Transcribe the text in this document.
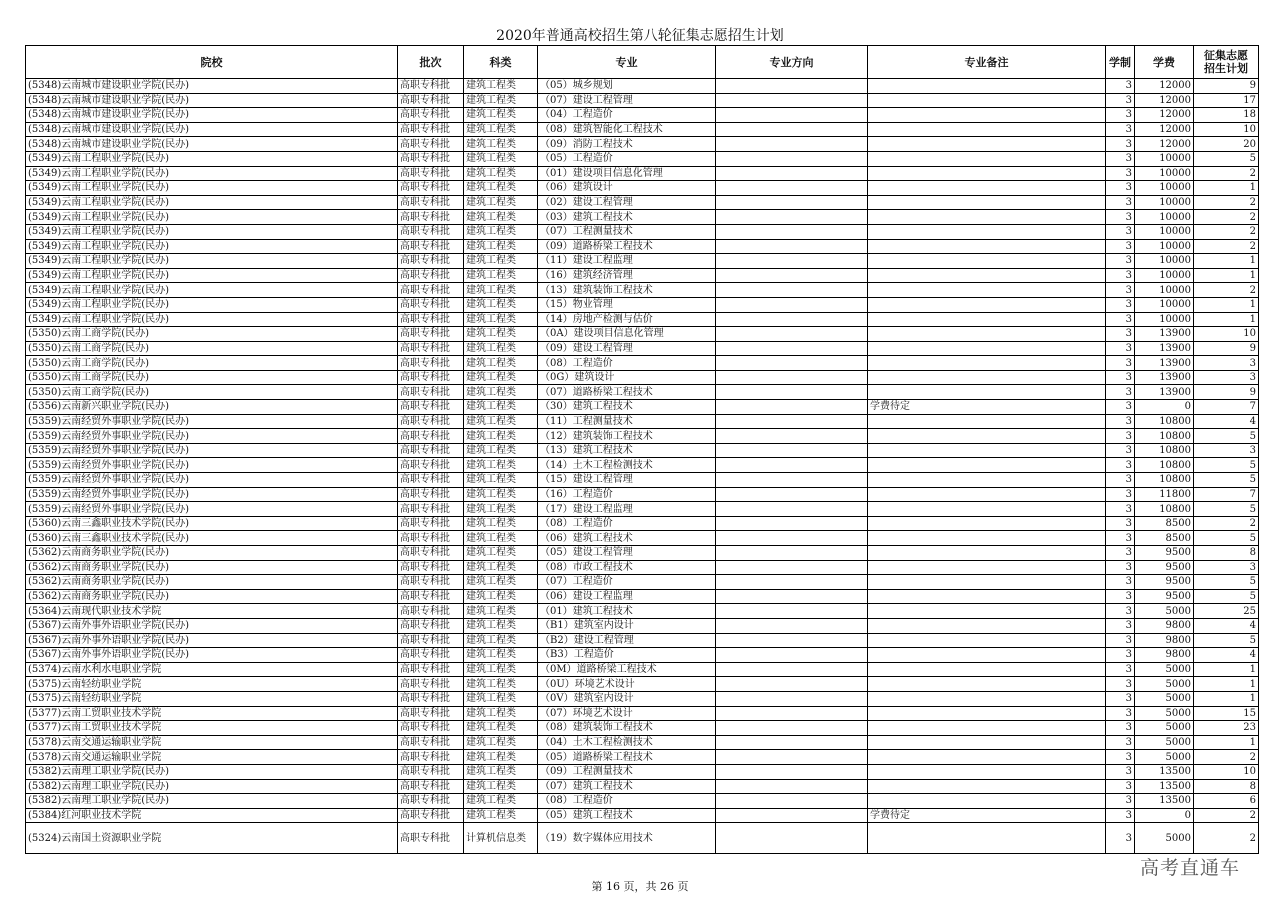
2020年普通高校招生第八轮征集志愿招生计划
院校	批次	科类	专业	专业方向	专业备注	学制	学费	征集志愿
招生计划
(5348)云南城市建设职业学院(民办)	高职专科批	建筑工程类	（05）城乡规划			3	12000	9
(5348)云南城市建设职业学院(民办)	高职专科批	建筑工程类	（07）建设工程管理			3	12000	17
(5348)云南城市建设职业学院(民办)	高职专科批	建筑工程类	（04）工程造价			3	12000	18
(5348)云南城市建设职业学院(民办)	高职专科批	建筑工程类	（08）建筑智能化工程技术			3	12000	10
(5348)云南城市建设职业学院(民办)	高职专科批	建筑工程类	（09）消防工程技术			3	12000	20
(5349)云南工程职业学院(民办)	高职专科批	建筑工程类	（05）工程造价			3	10000	5
(5349)云南工程职业学院(民办)	高职专科批	建筑工程类	（01）建设项目信息化管理			3	10000	2
(5349)云南工程职业学院(民办)	高职专科批	建筑工程类	（06）建筑设计			3	10000	1
(5349)云南工程职业学院(民办)	高职专科批	建筑工程类	（02）建设工程管理			3	10000	2
(5349)云南工程职业学院(民办)	高职专科批	建筑工程类	（03）建筑工程技术			3	10000	2
(5349)云南工程职业学院(民办)	高职专科批	建筑工程类	（07）工程测量技术			3	10000	2
(5349)云南工程职业学院(民办)	高职专科批	建筑工程类	（09）道路桥梁工程技术			3	10000	2
(5349)云南工程职业学院(民办)	高职专科批	建筑工程类	（11）建设工程监理			3	10000	1
(5349)云南工程职业学院(民办)	高职专科批	建筑工程类	（16）建筑经济管理			3	10000	1
(5349)云南工程职业学院(民办)	高职专科批	建筑工程类	（13）建筑装饰工程技术			3	10000	2
(5349)云南工程职业学院(民办)	高职专科批	建筑工程类	（15）物业管理			3	10000	1
(5349)云南工程职业学院(民办)	高职专科批	建筑工程类	（14）房地产检测与估价			3	10000	1
(5350)云南工商学院(民办)	高职专科批	建筑工程类	（0A）建设项目信息化管理			3	13900	10
(5350)云南工商学院(民办)	高职专科批	建筑工程类	（09）建设工程管理			3	13900	9
(5350)云南工商学院(民办)	高职专科批	建筑工程类	（08）工程造价			3	13900	3
(5350)云南工商学院(民办)	高职专科批	建筑工程类	（0G）建筑设计			3	13900	3
(5350)云南工商学院(民办)	高职专科批	建筑工程类	（07）道路桥梁工程技术			3	13900	9
(5356)云南新兴职业学院(民办)	高职专科批	建筑工程类	（30）建筑工程技术		学费待定	3	0	7
(5359)云南经贸外事职业学院(民办)	高职专科批	建筑工程类	（11）工程测量技术			3	10800	4
(5359)云南经贸外事职业学院(民办)	高职专科批	建筑工程类	（12）建筑装饰工程技术			3	10800	5
(5359)云南经贸外事职业学院(民办)	高职专科批	建筑工程类	（13）建筑工程技术			3	10800	3
(5359)云南经贸外事职业学院(民办)	高职专科批	建筑工程类	（14）土木工程检测技术			3	10800	5
(5359)云南经贸外事职业学院(民办)	高职专科批	建筑工程类	（15）建设工程管理			3	10800	5
(5359)云南经贸外事职业学院(民办)	高职专科批	建筑工程类	（16）工程造价			3	11800	7
(5359)云南经贸外事职业学院(民办)	高职专科批	建筑工程类	（17）建设工程监理			3	10800	5
(5360)云南三鑫职业技术学院(民办)	高职专科批	建筑工程类	（08）工程造价			3	8500	2
(5360)云南三鑫职业技术学院(民办)	高职专科批	建筑工程类	（06）建筑工程技术			3	8500	5
(5362)云南商务职业学院(民办)	高职专科批	建筑工程类	（05）建设工程管理			3	9500	8
(5362)云南商务职业学院(民办)	高职专科批	建筑工程类	（08）市政工程技术			3	9500	3
(5362)云南商务职业学院(民办)	高职专科批	建筑工程类	（07）工程造价			3	9500	5
(5362)云南商务职业学院(民办)	高职专科批	建筑工程类	（06）建设工程监理			3	9500	5
(5364)云南现代职业技术学院	高职专科批	建筑工程类	（01）建筑工程技术			3	5000	25
(5367)云南外事外语职业学院(民办)	高职专科批	建筑工程类	（B1）建筑室内设计			3	9800	4
(5367)云南外事外语职业学院(民办)	高职专科批	建筑工程类	（B2）建设工程管理			3	9800	5
(5367)云南外事外语职业学院(民办)	高职专科批	建筑工程类	（B3）工程造价			3	9800	4
(5374)云南水利水电职业学院	高职专科批	建筑工程类	（0M）道路桥梁工程技术			3	5000	1
(5375)云南轻纺职业学院	高职专科批	建筑工程类	（0U）环境艺术设计			3	5000	1
(5375)云南轻纺职业学院	高职专科批	建筑工程类	（0V）建筑室内设计			3	5000	1
(5377)云南工贸职业技术学院	高职专科批	建筑工程类	（07）环境艺术设计			3	5000	15
(5377)云南工贸职业技术学院	高职专科批	建筑工程类	（08）建筑装饰工程技术			3	5000	23
(5378)云南交通运输职业学院	高职专科批	建筑工程类	（04）土木工程检测技术			3	5000	1
(5378)云南交通运输职业学院	高职专科批	建筑工程类	（05）道路桥梁工程技术			3	5000	2
(5382)云南理工职业学院(民办)	高职专科批	建筑工程类	（09）工程测量技术			3	13500	10
(5382)云南理工职业学院(民办)	高职专科批	建筑工程类	（07）建筑工程技术			3	13500	8
(5382)云南理工职业学院(民办)	高职专科批	建筑工程类	（08）工程造价			3	13500	6
(5384)红河职业技术学院	高职专科批	建筑工程类	（05）建筑工程技术		学费待定	3	0	2
(5324)云南国土资源职业学院	高职专科批	计算机信息类	（19）数字媒体应用技术			3	5000	2
第 16 页，共 26 页
高考直通车
